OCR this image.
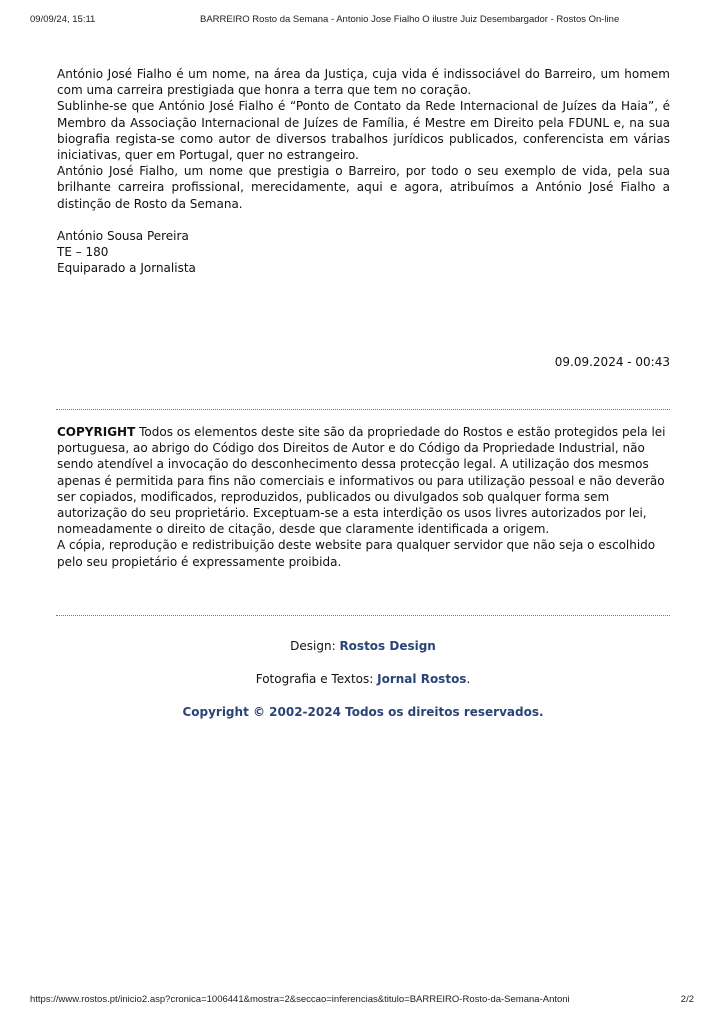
09/09/24, 15:11	BARREIRO Rosto da Semana - Antonio Jose Fialho O ilustre Juiz Desembargador - Rostos On-line

António José Fialho é um nome, na área da Justiça, cuja vida é indissociável do Barreiro, um homem com uma carreira prestigiada que honra a terra que tem no coração.

Sublinhe-se que António José Fialho é “Ponto de Contato da Rede Internacional de Juízes da Haia”, é Membro da Associação Internacional de Juízes de Família, é Mestre em Direito pela FDUNL e, na sua biografia regista-se como autor de diversos trabalhos jurídicos publicados, conferencista em várias iniciativas, quer em Portugal, quer no estrangeiro.

António José Fialho, um nome que prestigia o Barreiro, por todo o seu exemplo de vida, pela sua brilhante carreira profissional, merecidamente, aqui e agora, atribuímos a António José Fialho a distinção de Rosto da Semana.

António Sousa Pereira
TE – 180
Equiparado a Jornalista
09.09.2024 - 00:43

COPYRIGHT Todos os elementos deste site são da propriedade do Rostos e estão protegidos pela lei portuguesa, ao abrigo do Código dos Direitos de Autor e do Código da Propriedade Industrial, não sendo atendível a invocação do desconhecimento dessa protecção legal. A utilização dos mesmos apenas é permitida para fins não comerciais e informativos ou para utilização pessoal e não deverão ser copiados, modificados, reproduzidos, publicados ou divulgados sob qualquer forma sem autorização do seu proprietário. Exceptuam-se a esta interdição os usos livres autorizados por lei, nomeadamente o direito de citação, desde que claramente identificada a origem.

A cópia, reprodução e redistribuição deste website para qualquer servidor que não seja o escolhido pelo seu propietário é expressamente proibida.

Design: Rostos Design
Fotografia e Textos: Jornal Rostos.
Copyright © 2002-2024 Todos os direitos reservados.
https://www.rostos.pt/inicio2.asp?cronica=1006441&mostra=2&seccao=inferencias&titulo=BARREIRO-Rosto-da-Semana-Antoni	2/2
